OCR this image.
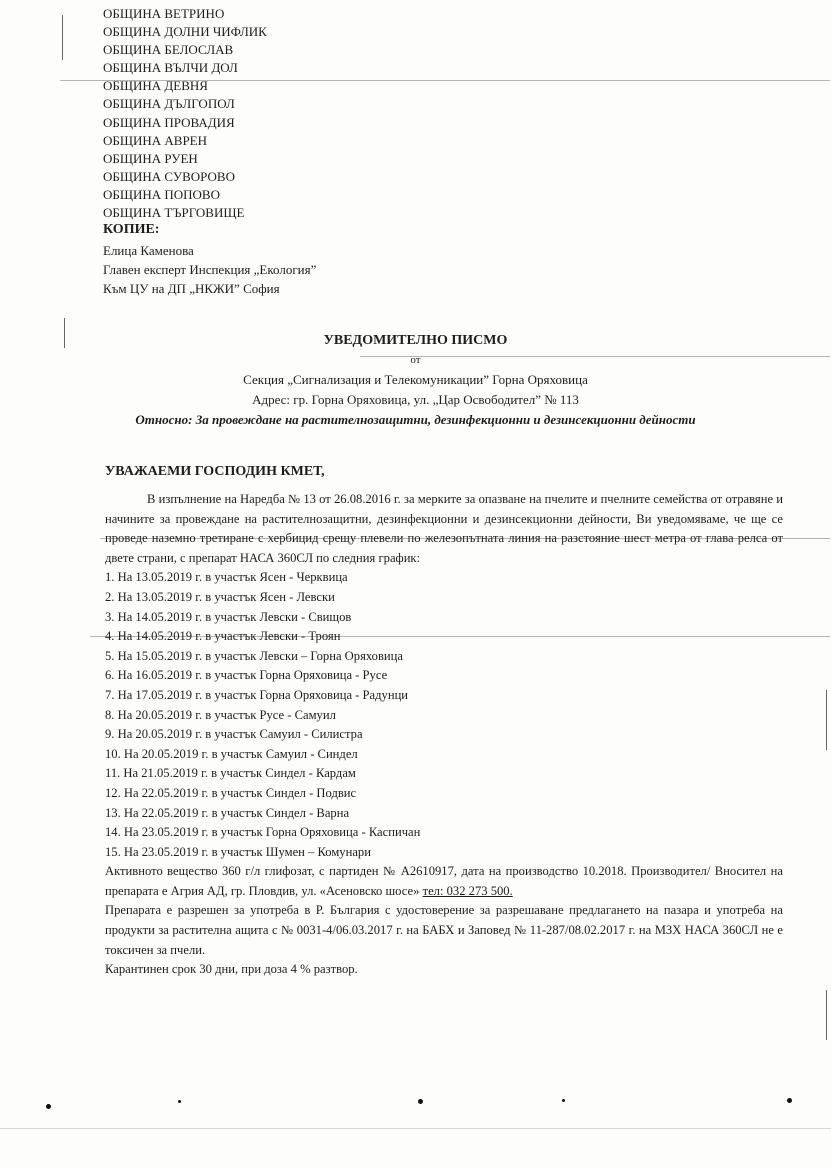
ОБЩИНА ВЕТРИНО
ОБЩИНА ДОЛНИ ЧИФЛИК
ОБЩИНА БЕЛОСЛАВ
ОБЩИНА ВЪЛЧИ ДОЛ
ОБЩИНА ДЕВНЯ
ОБЩИНА ДЪЛГОПОЛ
ОБЩИНА ПРОВАДИЯ
ОБЩИНА АВРЕН
ОБЩИНА РУЕН
ОБЩИНА СУВОРОВО
ОБЩИНА ПОПОВО
ОБЩИНА ТЪРГОВИЩЕ
КОПИЕ:
Елица Каменова
Главен експерт Инспекция „Екология”
Към ЦУ на ДП „НКЖИ” София
УВЕДОМИТЕЛНО ПИСМО
от
Секция „Сигнализация и Телекомуникации” Горна Оряховица
Адрес: гр. Горна Оряховица, ул. „Цар Освободител” № 113
Относно: За провеждане на растителнозащитни, дезинфекционни и дезинсекционни дейности
УВАЖАЕМИ ГОСПОДИН КМЕТ,

В изпълнение на Наредба № 13 от 26.08.2016 г. за мерките за опазване на пчелите и пчелните семейства от отравяне и начините за провеждане на растителнозащитни, дезинфекционни и дезинсекционни дейности, Ви уведомяваме, че ще се проведе наземно третиране с хербицид срещу плевели по железопътната линия на разстояние шест метра от глава релса от двете страни, с препарат НАСА 360СЛ по следния график:

1. На 13.05.2019 г. в участък Ясен - Черквица
2. На 13.05.2019 г. в участък Ясен - Левски
3. На 14.05.2019 г. в участък Левски - Свищов
4. На 14.05.2019 г. в участък Левски - Троян
5. На 15.05.2019 г. в участък Левски – Горна Оряховица
6. На 16.05.2019 г. в участък Горна Оряховица - Русе
7. На 17.05.2019 г. в участък Горна Оряховица - Радунци
8. На 20.05.2019 г. в участък Русе - Самуил
9. На 20.05.2019 г. в участък Самуил - Силистра
10. На 20.05.2019 г. в участък Самуил - Синдел
11. На 21.05.2019 г. в участък Синдел - Кардам
12. На 22.05.2019 г. в участък Синдел - Подвис
13. На 22.05.2019 г. в участък Синдел - Варна
14. На 23.05.2019 г. в участък Горна Оряховица - Каспичан
15. На 23.05.2019 г. в участък Шумен – Комунари

Активното вещество 360 г/л глифозат, с партиден № А2610917, дата на производство 10.2018. Производител/ Вносител на препарата е Агрия АД, гр. Пловдив, ул. «Асеновско шосе» тел: 032 273 500.

Препарата е разрешен за употреба в Р. България с удостоверение за разрешаване предлагането на пазара и употреба на продукти за растителна ащита с № 0031-4/06.03.2017 г. на БАБХ и Заповед № 11-287/08.02.2017 г. на МЗХ НАСА 360СЛ не е токсичен за пчели.

Карантинен срок 30 дни, при доза 4 % разтвор.
